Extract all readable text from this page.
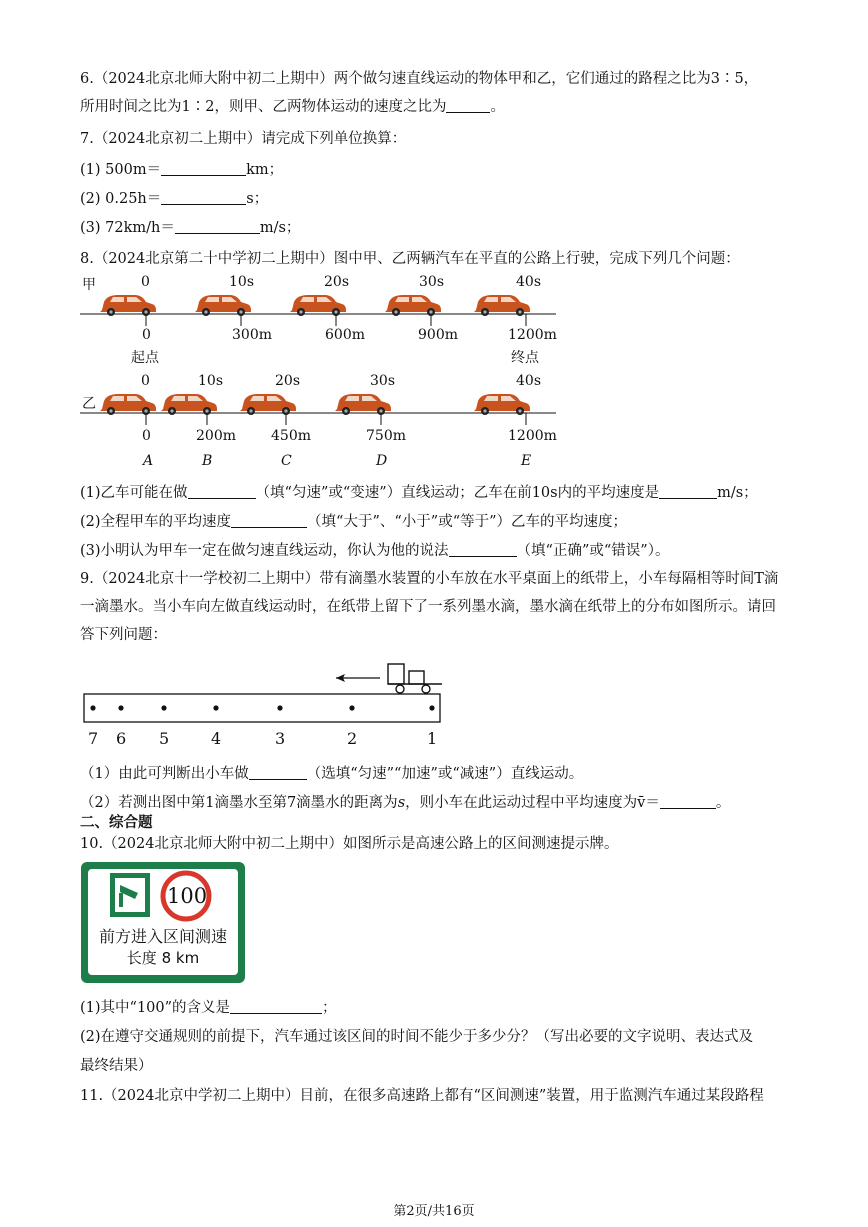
6.（2024北京北师大附中初二上期中）两个做匀速直线运动的物体甲和乙，它们通过的路程之比为3∶5，
所用时间之比为1∶2，则甲、乙两物体运动的速度之比为	。
7.（2024北京初二上期中）请完成下列单位换算：
(1) 500m＝	km；
(2) 0.25h＝	s；
(3) 72km/h＝	m/s；
8.（2024北京第二十中学初二上期中）图中甲、乙两辆汽车在平直的公路上行驶，完成下列几个问题：
甲	0	10s	20s	30s	40s
0	300m	600m	900m	1200m
起点	终点
0	10s	20s	30s	40s
乙
0	200m	450m	750m	1200m
A	B	C	D	E
(1)乙车可能在做	（填“匀速”或“变速”）直线运动；乙车在前10s内的平均速度是	m/s；
(2)全程甲车的平均速度	（填“大于”、“小于”或“等于”）乙车的平均速度；
(3)小明认为甲车一定在做匀速直线运动，你认为他的说法	（填“正确”或“错误”）。
9.（2024北京十一学校初二上期中）带有滴墨水装置的小车放在水平桌面上的纸带上，小车每隔相等时间T滴一滴墨水。当小车向左做直线运动时，在纸带上留下了一系列墨水滴，墨水滴在纸带上的分布如图所示。请回答下列问题：
7 6 5	4	3	2	1
（1）由此可判断出小车做	（选填“匀速”“加速”或“减速”）直线运动。
（2）若测出图中第1滴墨水至第7滴墨水的距离为s，则小车在此运动过程中平均速度为v̄＝	。
二、综合题
10.（2024北京北师大附中初二上期中）如图所示是高速公路上的区间测速提示牌。
100
前方进入区间测速
长度 8 km
(1)其中“100”的含义是	；
(2)在遵守交通规则的前提下，汽车通过该区间的时间不能少于多少分？（写出必要的文字说明、表达式及
最终结果）
11.（2024北京中学初二上期中）目前，在很多高速路上都有“区间测速”装置，用于监测汽车通过某段路程
第2页/共16页
